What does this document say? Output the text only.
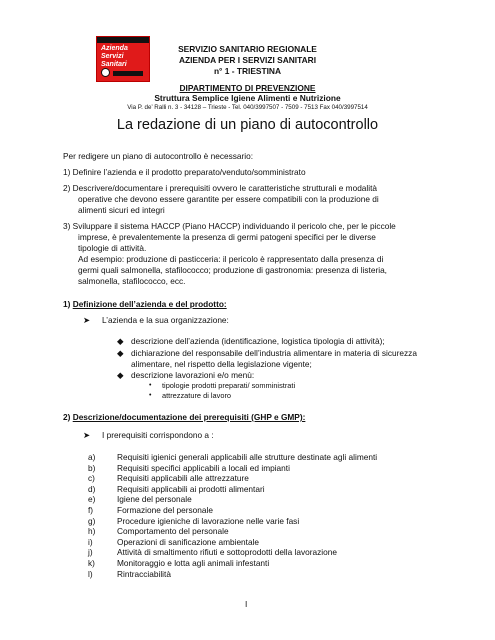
Azienda
Servizi
Sanitari
SERVIZIO SANITARIO REGIONALE
AZIENDA PER I SERVIZI SANITARI
n° 1 - TRIESTINA
DIPARTIMENTO DI PREVENZIONE
Struttura Semplice Igiene Alimenti e Nutrizione
Via P. de’ Ralli n. 3 - 34128 – Trieste - Tel. 040/3997507 - 7509 - 7513 Fax 040/3997514
La redazione di un piano di autocontrollo
Per redigere un piano di autocontrollo è necessario:
1) Definire l’azienda e il prodotto preparato/venduto/somministrato
2) Descrivere/documentare i prerequisiti ovvero le caratteristiche strutturali e modalità
operative che devono essere garantite per essere compatibili con la produzione di
alimenti sicuri ed integri
3) Sviluppare il sistema HACCP (Piano HACCP) individuando il pericolo che, per le piccole
imprese, è prevalentemente la presenza di germi patogeni specifici per le diverse
tipologie di attività.
Ad esempio: produzione di pasticceria: il pericolo è rappresentato dalla presenza di
germi quali salmonella, stafilococco; produzione di gastronomia: presenza di listeria,
salmonella, stafilococco, ecc.
1) Definizione dell’azienda e del prodotto:
➤ L’azienda e la sua organizzazione:
◆ descrizione dell’azienda (identificazione, logistica tipologia di attività);
◆ dichiarazione del responsabile dell’industria alimentare in materia di sicurezza
alimentare, nel rispetto della legislazione vigente;
◆ descrizione lavorazioni e/o menù:
• tipologie prodotti preparati/ somministrati
• attrezzature di lavoro
2) Descrizione/documentazione dei prerequisiti (GHP e GMP):
➤ I prerequisiti corrispondono a :
a)	Requisiti igienici generali applicabili alle strutture destinate agli alimenti
b)	Requisiti specifici applicabili a locali ed impianti
c)	Requisiti applicabili alle attrezzature
d)	Requisiti applicabili ai prodotti alimentari
e)	Igiene del personale
f)	Formazione del personale
g)	Procedure igieniche di lavorazione nelle varie fasi
h)	Comportamento del personale
i)	Operazioni di sanificazione ambientale
j)	Attività di smaltimento rifiuti e sottoprodotti della lavorazione
k)	Monitoraggio e lotta agli animali infestanti
l)	Rintracciabilità
I
